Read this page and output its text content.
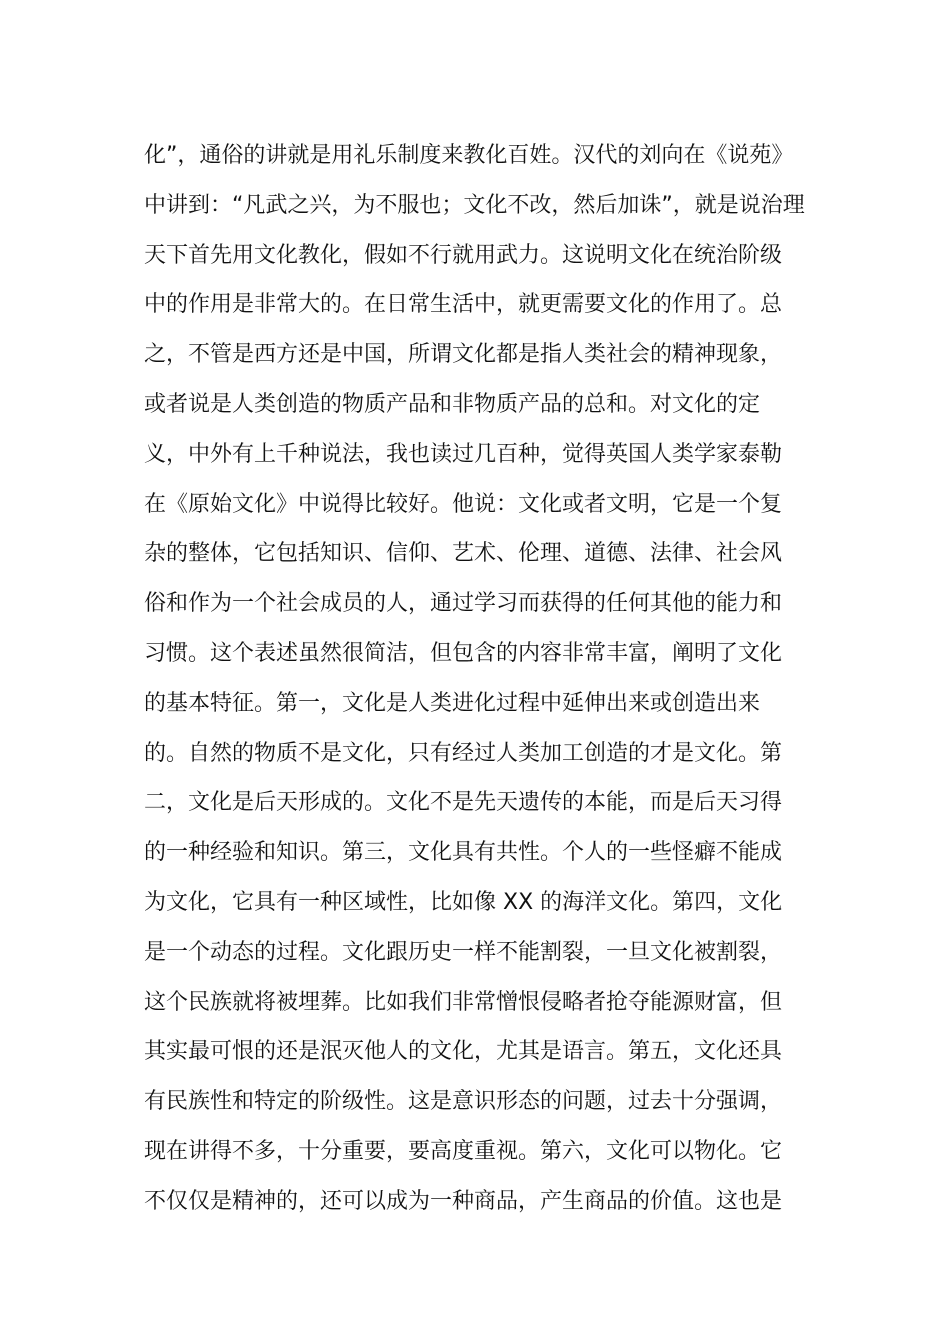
化”，通俗的讲就是用礼乐制度来教化百姓。汉代的刘向在《说苑》
中讲到：“凡武之兴，为不服也；文化不改，然后加诛”，就是说治理
天下首先用文化教化，假如不行就用武力。这说明文化在统治阶级
中的作用是非常大的。在日常生活中，就更需要文化的作用了。总
之，不管是西方还是中国，所谓文化都是指人类社会的精神现象，
或者说是人类创造的物质产品和非物质产品的总和。对文化的定
义，中外有上千种说法，我也读过几百种，觉得英国人类学家泰勒
在《原始文化》中说得比较好。他说：文化或者文明，它是一个复
杂的整体，它包括知识、信仰、艺术、伦理、道德、法律、社会风
俗和作为一个社会成员的人，通过学习而获得的任何其他的能力和
习惯。这个表述虽然很简洁，但包含的内容非常丰富，阐明了文化
的基本特征。第一，文化是人类进化过程中延伸出来或创造出来
的。自然的物质不是文化，只有经过人类加工创造的才是文化。第
二，文化是后天形成的。文化不是先天遗传的本能，而是后天习得
的一种经验和知识。第三，文化具有共性。个人的一些怪癖不能成
为文化，它具有一种区域性，比如像 XX 的海洋文化。第四，文化
是一个动态的过程。文化跟历史一样不能割裂，一旦文化被割裂，
这个民族就将被埋葬。比如我们非常憎恨侵略者抢夺能源财富，但
其实最可恨的还是泯灭他人的文化，尤其是语言。第五，文化还具
有民族性和特定的阶级性。这是意识形态的问题，过去十分强调，
现在讲得不多，十分重要，要高度重视。第六，文化可以物化。它
不仅仅是精神的，还可以成为一种商品，产生商品的价值。这也是
